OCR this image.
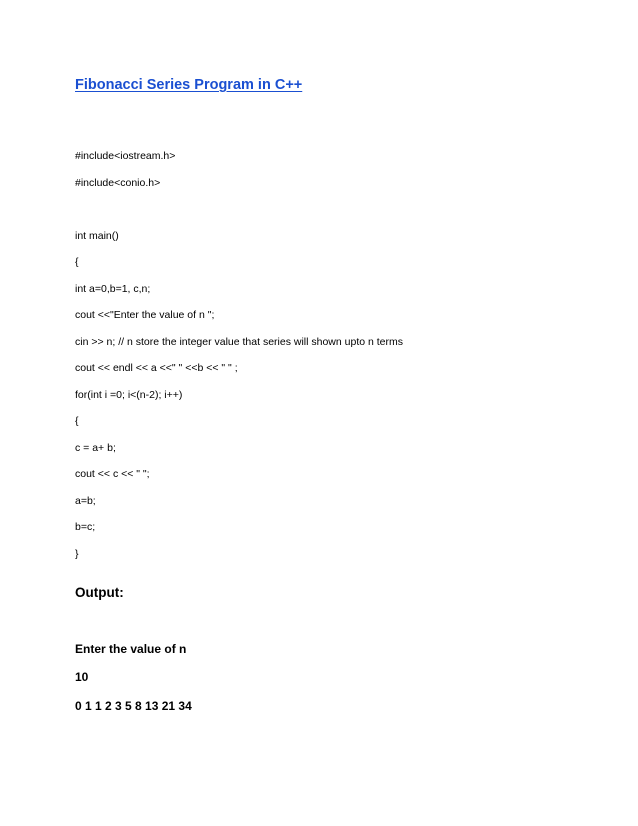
Fibonacci Series Program in C++
#include<iostream.h>
#include<conio.h>
int main()
{
int a=0,b=1, c,n;
cout <<"Enter the value of n ";
cin >> n; // n store the integer value that series will shown upto n terms
cout << endl << a <<" " <<b << " " ;
for(int i =0; i<(n-2); i++)
{
c = a+ b;
cout << c << " ";
a=b;
b=c;
}
Output:
Enter the value of n
10
0 1 1 2 3 5 8 13 21 34
